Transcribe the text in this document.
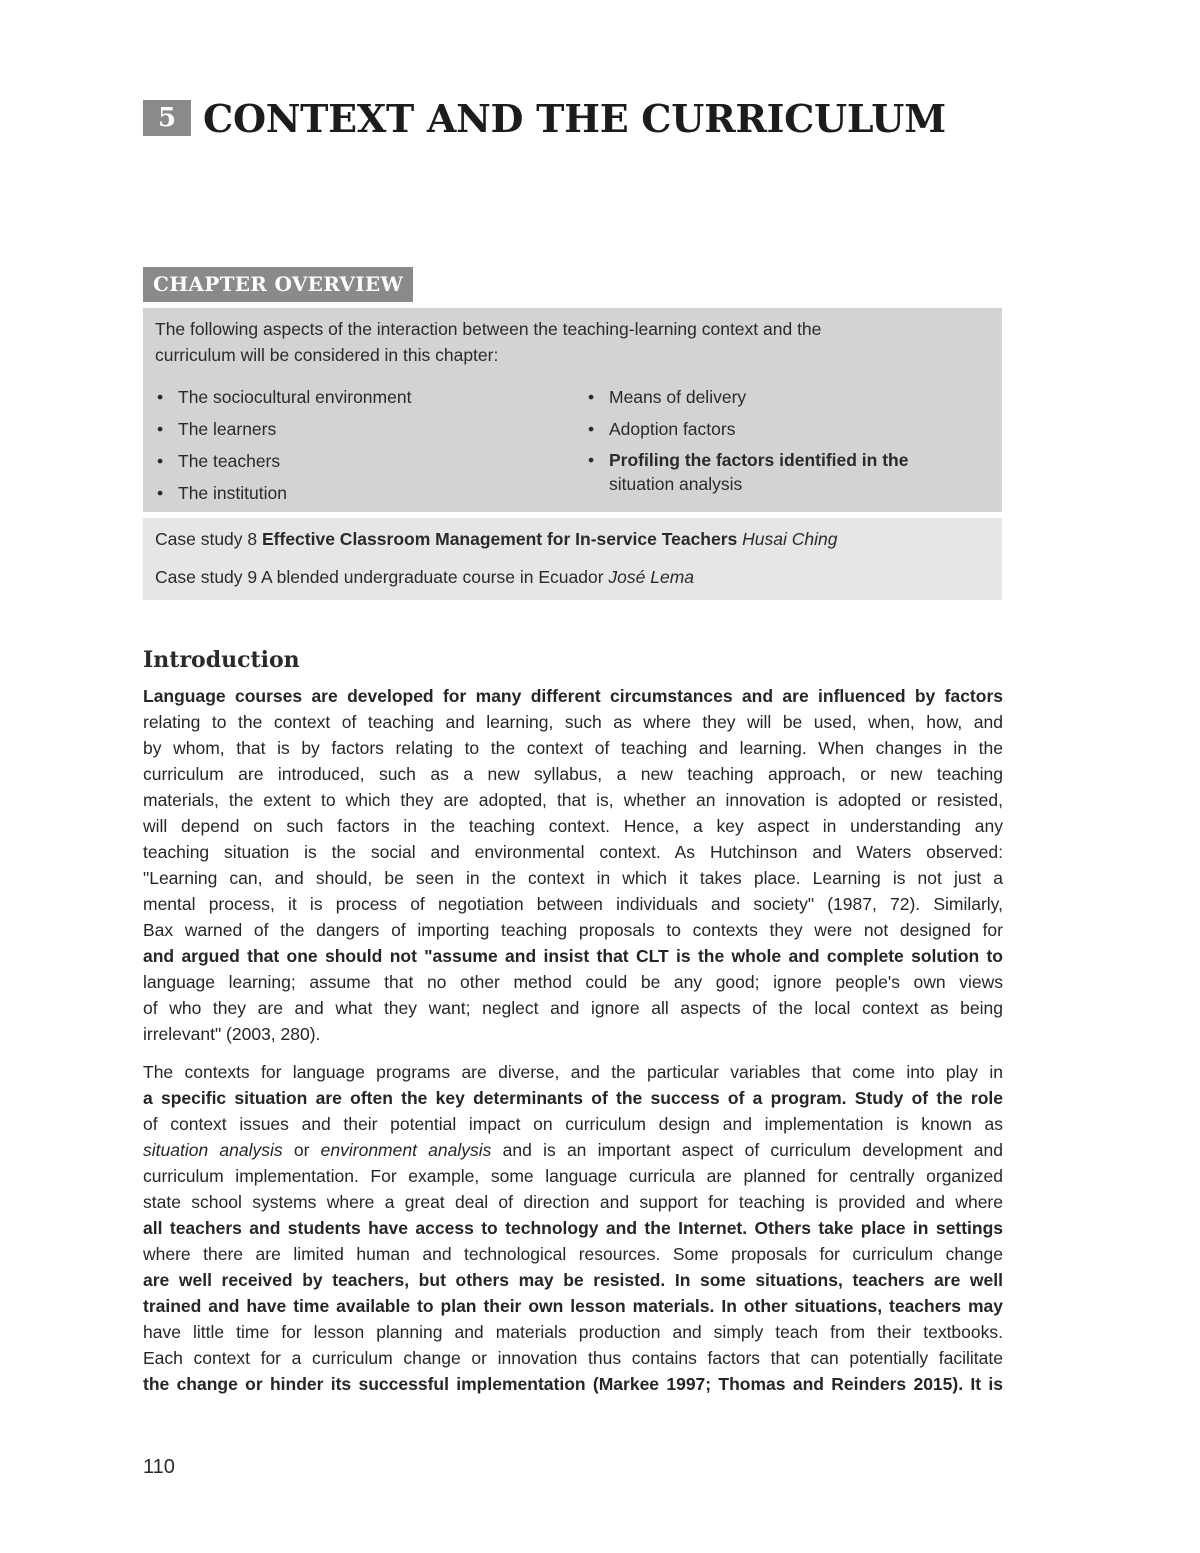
5 CONTEXT AND THE CURRICULUM
CHAPTER OVERVIEW
The following aspects of the interaction between the teaching-learning context and the
curriculum will be considered in this chapter:
• The sociocultural environment
• The learners
• The teachers
• The institution
• Means of delivery
• Adoption factors
• Profiling the factors identified in the
situation analysis
Case study 8 Effective Classroom Management for In-service Teachers Husai Ching
Case study 9 A blended undergraduate course in Ecuador José Lema
Introduction
Language courses are developed for many different circumstances and are influenced by factors
relating to the context of teaching and learning, such as where they will be used, when, how, and
by whom, that is by factors relating to the context of teaching and learning. When changes in the
curriculum are introduced, such as a new syllabus, a new teaching approach, or new teaching
materials, the extent to which they are adopted, that is, whether an innovation is adopted or resisted,
will depend on such factors in the teaching context. Hence, a key aspect in understanding any
teaching situation is the social and environmental context. As Hutchinson and Waters observed:
"Learning can, and should, be seen in the context in which it takes place. Learning is not just a
mental process, it is process of negotiation between individuals and society" (1987, 72). Similarly,
Bax warned of the dangers of importing teaching proposals to contexts they were not designed for
and argued that one should not "assume and insist that CLT is the whole and complete solution to
language learning; assume that no other method could be any good; ignore people's own views
of who they are and what they want; neglect and ignore all aspects of the local context as being
irrelevant" (2003, 280).
The contexts for language programs are diverse, and the particular variables that come into play in
a specific situation are often the key determinants of the success of a program. Study of the role
of context issues and their potential impact on curriculum design and implementation is known as
situation analysis or environment analysis and is an important aspect of curriculum development and
curriculum implementation. For example, some language curricula are planned for centrally organized
state school systems where a great deal of direction and support for teaching is provided and where
all teachers and students have access to technology and the Internet. Others take place in settings
where there are limited human and technological resources. Some proposals for curriculum change
are well received by teachers, but others may be resisted. In some situations, teachers are well
trained and have time available to plan their own lesson materials. In other situations, teachers may
have little time for lesson planning and materials production and simply teach from their textbooks.
Each context for a curriculum change or innovation thus contains factors that can potentially facilitate
the change or hinder its successful implementation (Markee 1997; Thomas and Reinders 2015). It is
110
